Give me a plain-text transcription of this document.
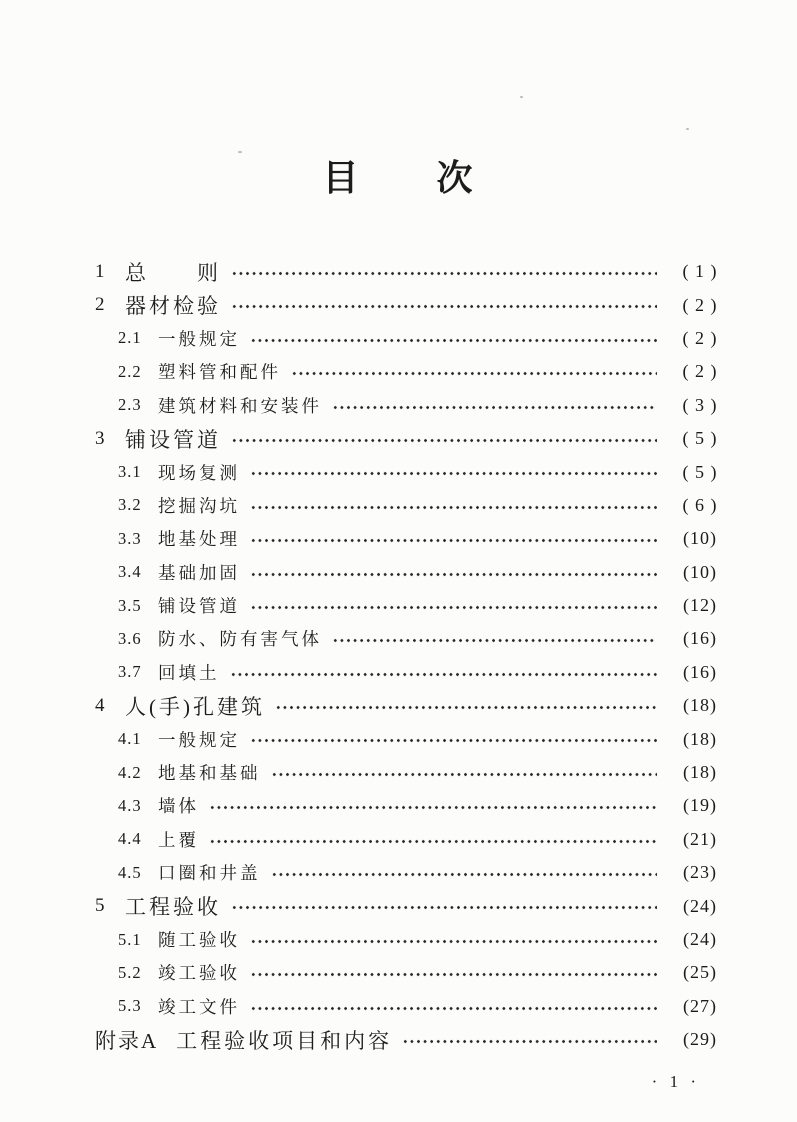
目　　次
1 总　　则	( 1 )
2 器材检验	( 2 )
2.1 一般规定	( 2 )
2.2 塑料管和配件	( 2 )
2.3 建筑材料和安装件	( 3 )
3 铺设管道	( 5 )
3.1 现场复测	( 5 )
3.2 挖掘沟坑	( 6 )
3.3 地基处理	(10)
3.4 基础加固	(10)
3.5 铺设管道	(12)
3.6 防水、防有害气体	(16)
3.7 回填土	(16)
4 人(手)孔建筑	(18)
4.1 一般规定	(18)
4.2 地基和基础	(18)
4.3 墙体	(19)
4.4 上覆	(21)
4.5 口圈和井盖	(23)
5 工程验收	(24)
5.1 随工验收	(24)
5.2 竣工验收	(25)
5.3 竣工文件	(27)
附录A 工程验收项目和内容	(29)
· 1 ·
